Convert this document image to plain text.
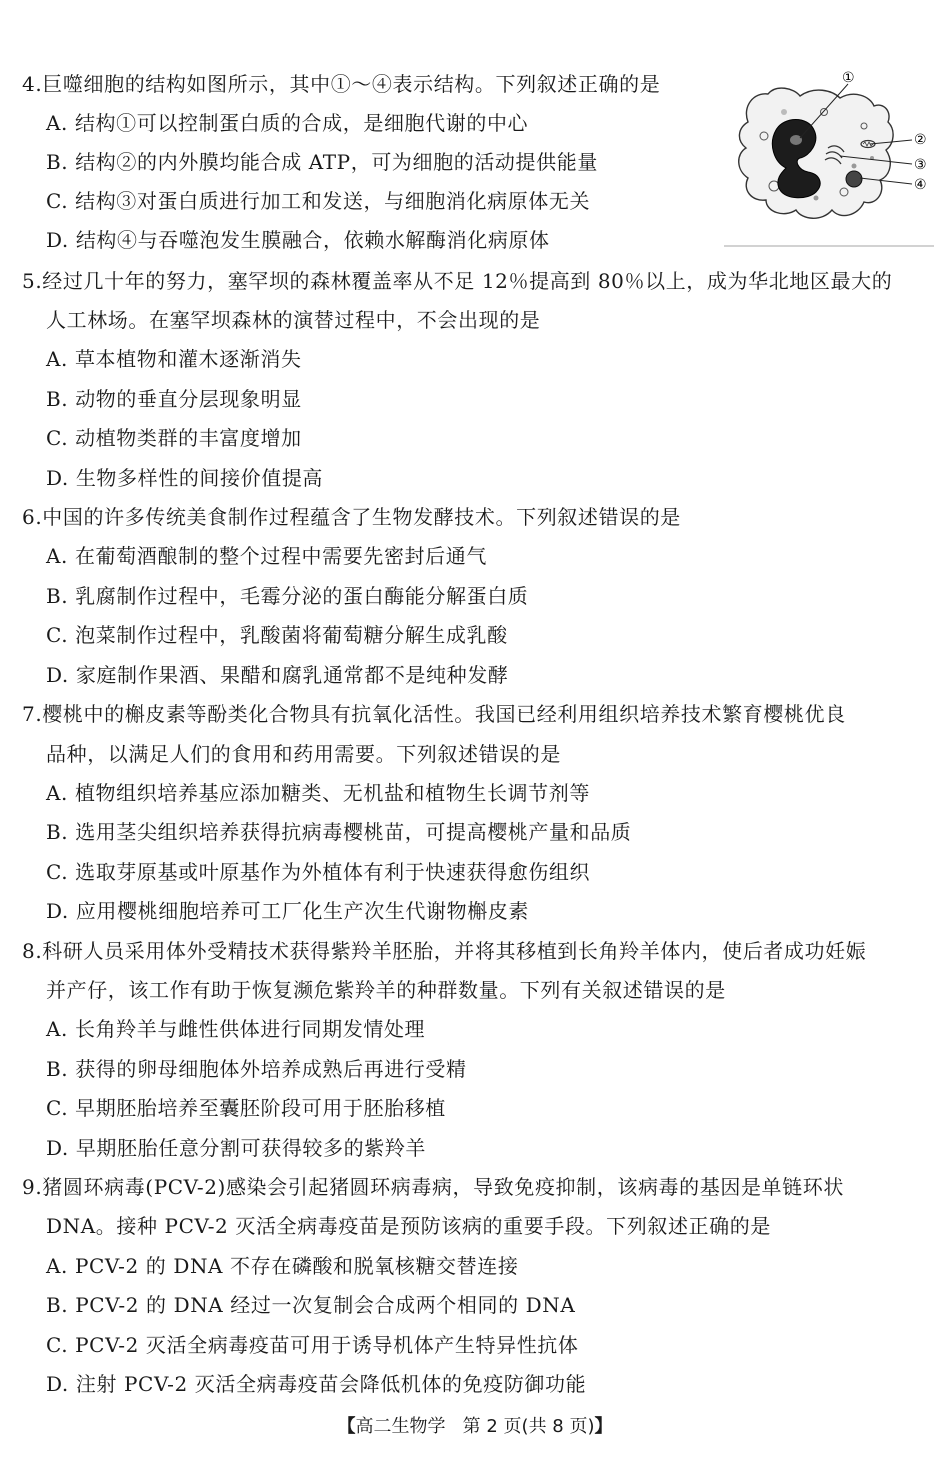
4.巨噬细胞的结构如图所示，其中①～④表示结构。下列叙述正确的是
A. 结构①可以控制蛋白质的合成，是细胞代谢的中心
B. 结构②的内外膜均能合成 ATP，可为细胞的活动提供能量
C. 结构③对蛋白质进行加工和发送，与细胞消化病原体无关
D. 结构④与吞噬泡发生膜融合，依赖水解酶消化病原体
①
②
③
④
5.经过几十年的努力，塞罕坝的森林覆盖率从不足 12％提高到 80％以上，成为华北地区最大的
人工林场。在塞罕坝森林的演替过程中，不会出现的是
A. 草本植物和灌木逐渐消失
B. 动物的垂直分层现象明显
C. 动植物类群的丰富度增加
D. 生物多样性的间接价值提高
6.中国的许多传统美食制作过程蕴含了生物发酵技术。下列叙述错误的是
A. 在葡萄酒酿制的整个过程中需要先密封后通气
B. 乳腐制作过程中，毛霉分泌的蛋白酶能分解蛋白质
C. 泡菜制作过程中，乳酸菌将葡萄糖分解生成乳酸
D. 家庭制作果酒、果醋和腐乳通常都不是纯种发酵
7.樱桃中的槲皮素等酚类化合物具有抗氧化活性。我国已经利用组织培养技术繁育樱桃优良
品种，以满足人们的食用和药用需要。下列叙述错误的是
A. 植物组织培养基应添加糖类、无机盐和植物生长调节剂等
B. 选用茎尖组织培养获得抗病毒樱桃苗，可提高樱桃产量和品质
C. 选取芽原基或叶原基作为外植体有利于快速获得愈伤组织
D. 应用樱桃细胞培养可工厂化生产次生代谢物槲皮素
8.科研人员采用体外受精技术获得紫羚羊胚胎，并将其移植到长角羚羊体内，使后者成功妊娠
并产仔，该工作有助于恢复濒危紫羚羊的种群数量。下列有关叙述错误的是
A. 长角羚羊与雌性供体进行同期发情处理
B. 获得的卵母细胞体外培养成熟后再进行受精
C. 早期胚胎培养至囊胚阶段可用于胚胎移植
D. 早期胚胎任意分割可获得较多的紫羚羊
9.猪圆环病毒(PCV-2)感染会引起猪圆环病毒病，导致免疫抑制，该病毒的基因是单链环状
DNA。接种 PCV-2 灭活全病毒疫苗是预防该病的重要手段。下列叙述正确的是
A. PCV-2 的 DNA 不存在磷酸和脱氧核糖交替连接
B. PCV-2 的 DNA 经过一次复制会合成两个相同的 DNA
C. PCV-2 灭活全病毒疫苗可用于诱导机体产生特异性抗体
D. 注射 PCV-2 灭活全病毒疫苗会降低机体的免疫防御功能
【高二生物学 第 2 页(共 8 页)】
